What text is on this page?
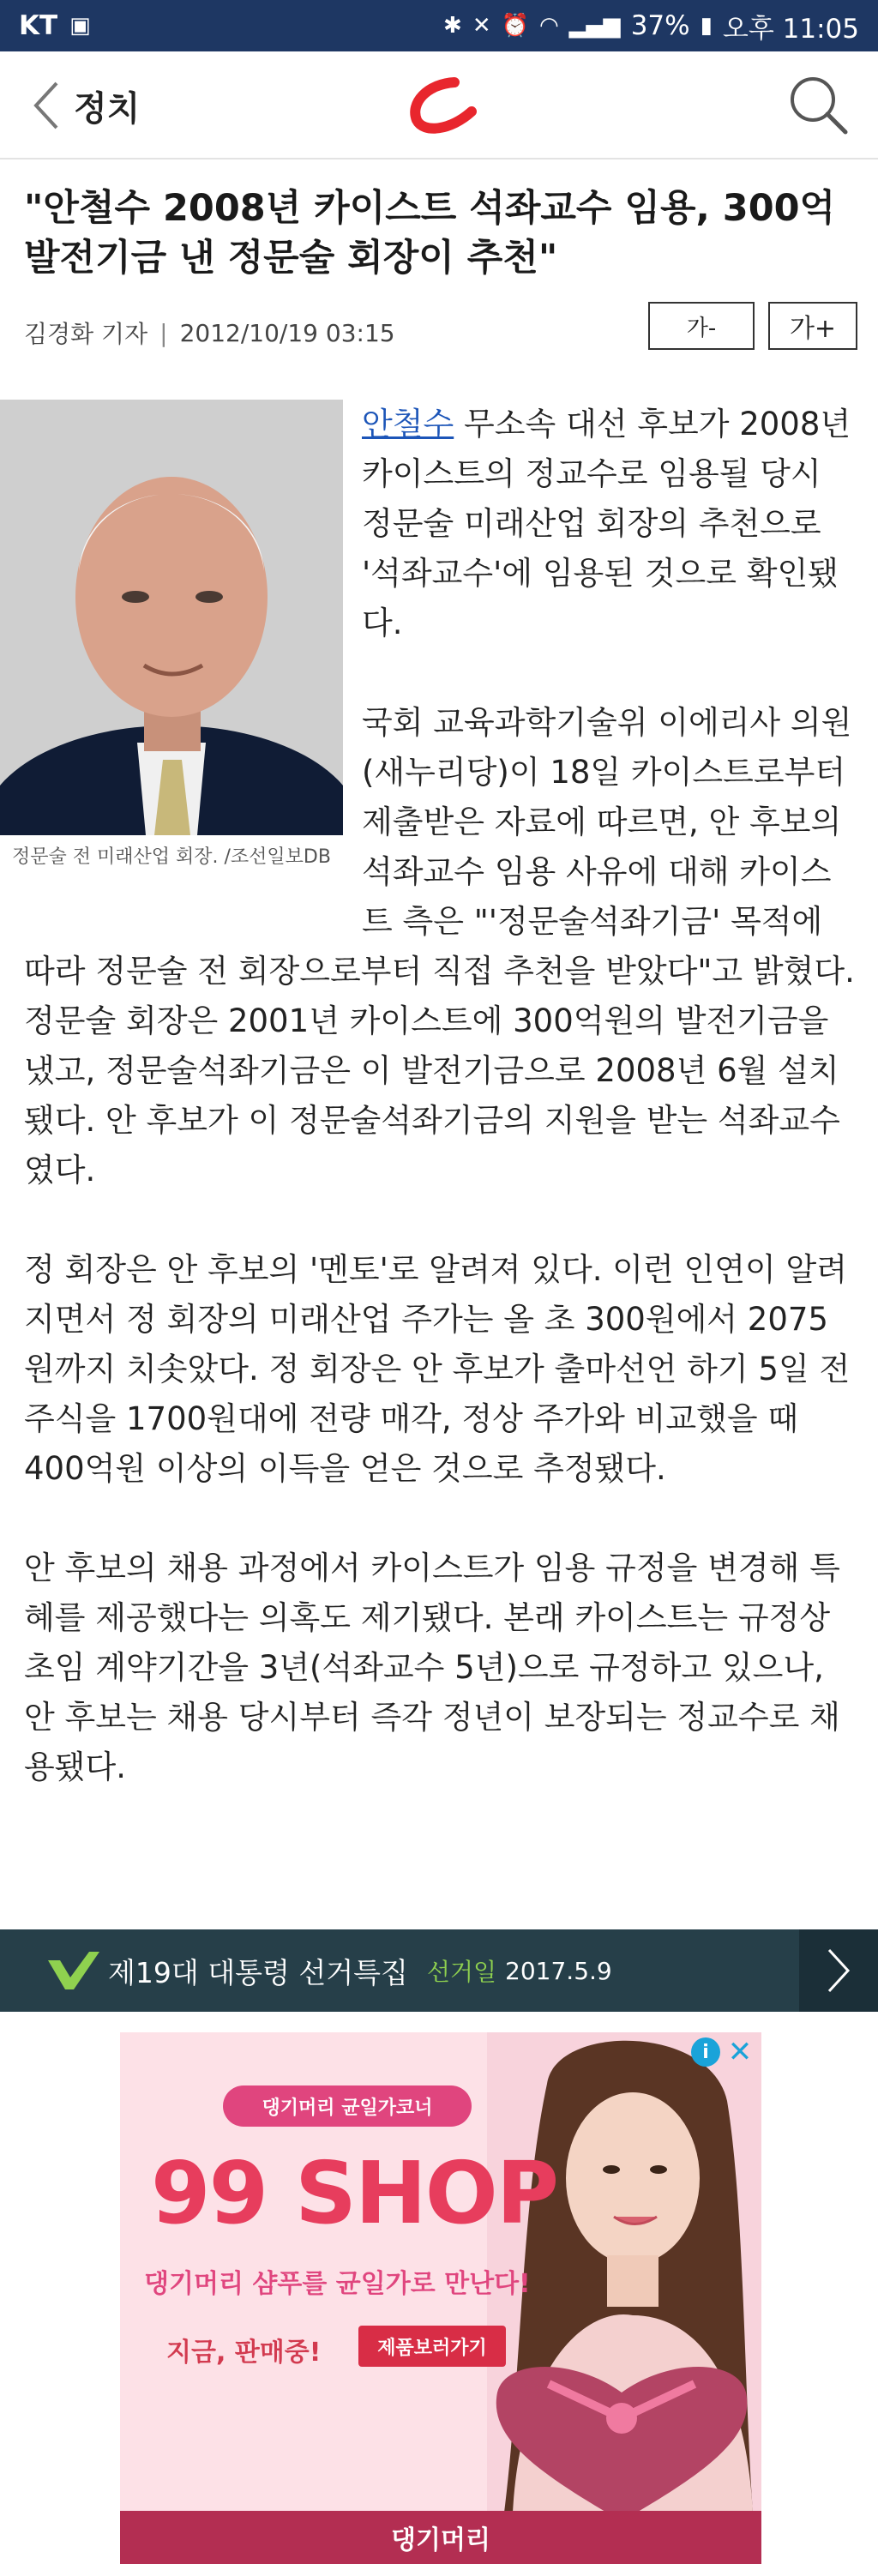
KT ▣	✱ ✕ ⏰ ◠ ▂▄▆ 37% ▮ 오후 11:05
정치
"안철수 2008년 카이스트 석좌교수 임용, 300억 발전기금 낸 정문술 회장이 추천"
김경화 기자 | 2012/10/19 03:15	가-	가+
정문술 전 미래산업 회장. /조선일보DB

안철수 무소속 대선 후보가 2008년 카이스트의 정교수로 임용될 당시 정문술 미래산업 회장의 추천으로 '석좌교수'에 임용된 것으로 확인됐다.

국회 교육과학기술위 이에리사 의원(새누리당)이 18일 카이스트로부터 제출받은 자료에 따르면, 안 후보의 석좌교수 임용 사유에 대해 카이스트 측은 "'정문술석좌기금' 목적에 따라 정문술 전 회장으로부터 직접 추천을 받았다"고 밝혔다. 정문술 회장은 2001년 카이스트에 300억원의 발전기금을 냈고, 정문술석좌기금은 이 발전기금으로 2008년 6월 설치됐다. 안 후보가 이 정문술석좌기금의 지원을 받는 석좌교수였다.

정 회장은 안 후보의 '멘토'로 알려져 있다. 이런 인연이 알려지면서 정 회장의 미래산업 주가는 올 초 300원에서 2075원까지 치솟았다. 정 회장은 안 후보가 출마선언 하기 5일 전 주식을 1700원대에 전량 매각, 정상 주가와 비교했을 때 400억원 이상의 이득을 얻은 것으로 추정됐다.

안 후보의 채용 과정에서 카이스트가 임용 규정을 변경해 특혜를 제공했다는 의혹도 제기됐다. 본래 카이스트는 규정상 초임 계약기간을 3년(석좌교수 5년)으로 규정하고 있으나, 안 후보는 채용 당시부터 즉각 정년이 보장되는 정교수로 채용됐다.

제19대 대통령 선거특집 선거일 2017.5.9
댕기머리 균일가코너
99 SHOP
댕기머리 샴푸를 균일가로 만난다!
지금, 판매중!	제품보러가기
댕기머리
i ✕
